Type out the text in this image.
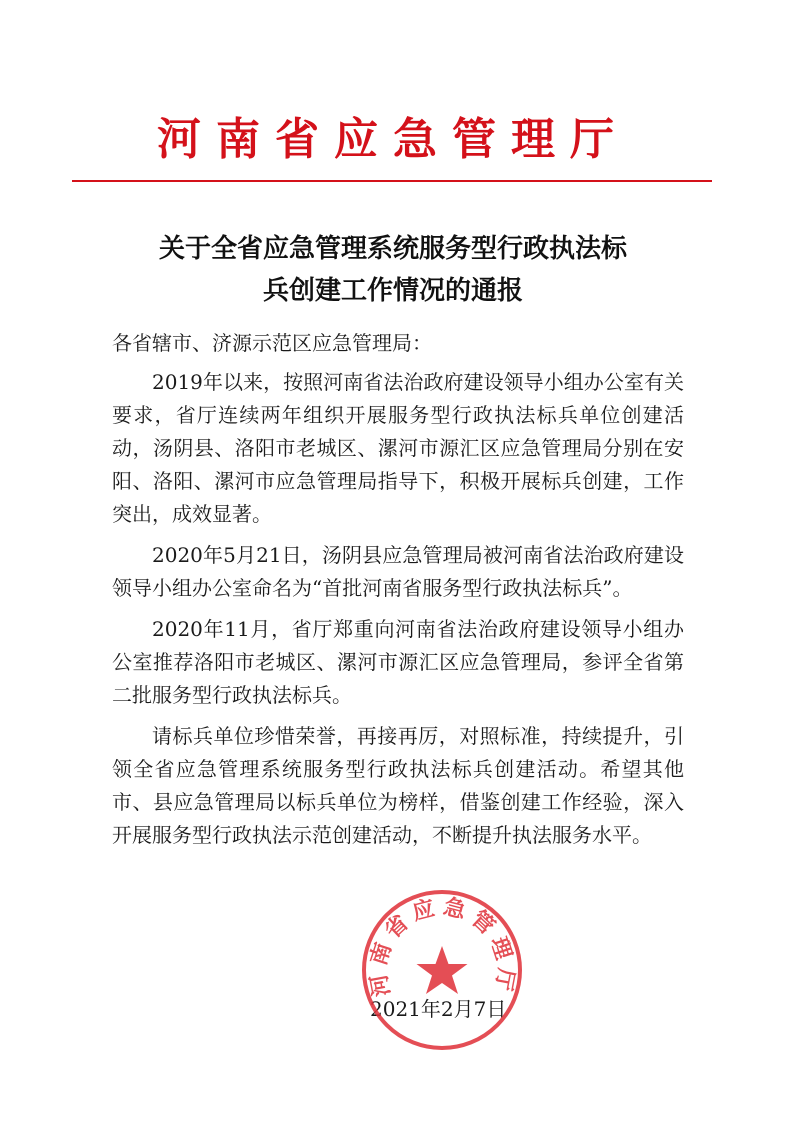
河南省应急管理厅
关于全省应急管理系统服务型行政执法标
兵创建工作情况的通报

各省辖市、济源示范区应急管理局：

2019年以来，按照河南省法治政府建设领导小组办公室有关要求，省厅连续两年组织开展服务型行政执法标兵单位创建活动，汤阴县、洛阳市老城区、漯河市源汇区应急管理局分别在安阳、洛阳、漯河市应急管理局指导下，积极开展标兵创建，工作突出，成效显著。

2020年5月21日，汤阴县应急管理局被河南省法治政府建设领导小组办公室命名为“首批河南省服务型行政执法标兵”。

2020年11月，省厅郑重向河南省法治政府建设领导小组办公室推荐洛阳市老城区、漯河市源汇区应急管理局，参评全省第二批服务型行政执法标兵。

请标兵单位珍惜荣誉，再接再厉，对照标准，持续提升，引领全省应急管理系统服务型行政执法标兵创建活动。希望其他市、县应急管理局以标兵单位为榜样，借鉴创建工作经验，深入开展服务型行政执法示范创建活动，不断提升执法服务水平。

2021年2月7日
河南省应急管理厅
